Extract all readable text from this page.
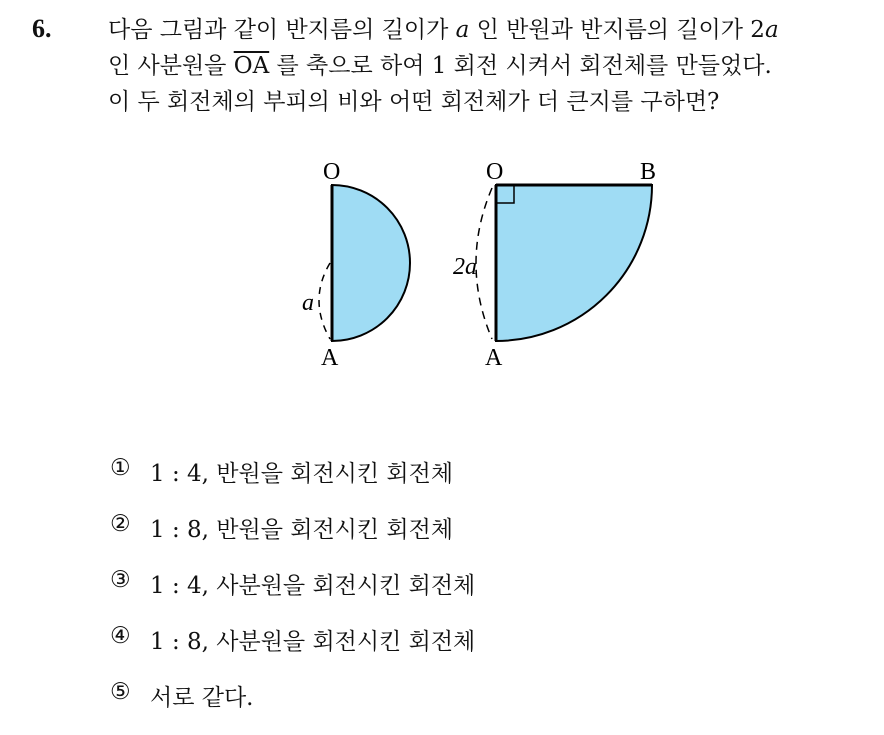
6. 다음 그림과 같이 반지름의 길이가 a 인 반원과 반지름의 길이가 2a
인 사분원을 $\overline{OA}$ 를 축으로 하여 1 회전 시켜서 회전체를 만들었다.
이 두 회전체의 부피의 비와 어떤 회전체가 더 큰지를 구하면?
O
A
a
O	B
A
2a
① 1 : 4, 반원을 회전시킨 회전체
② 1 : 8, 반원을 회전시킨 회전체
③ 1 : 4, 사분원을 회전시킨 회전체
④ 1 : 8, 사분원을 회전시킨 회전체
⑤ 서로 같다.
